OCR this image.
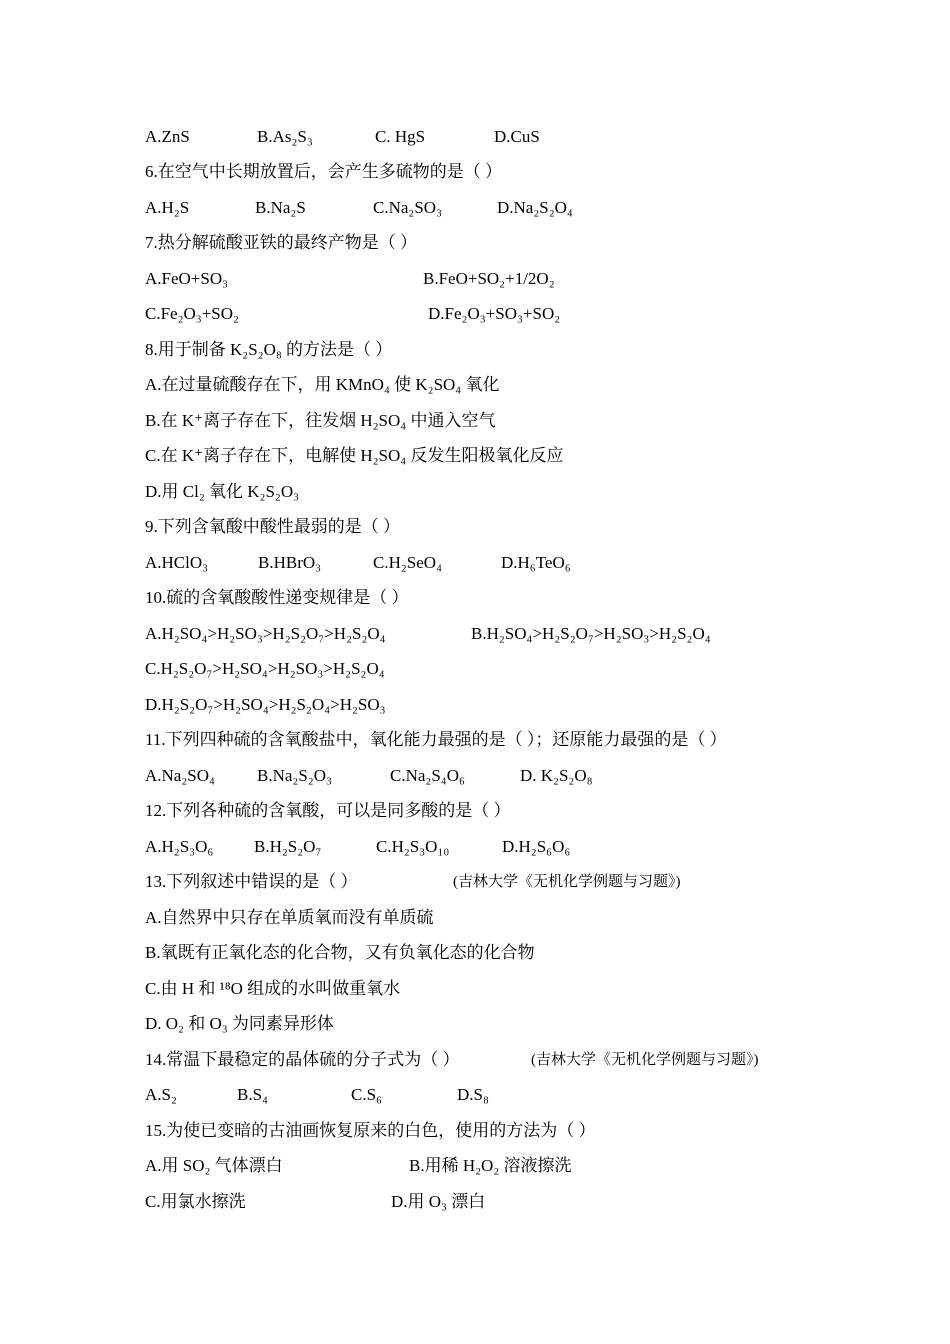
A.ZnS	B.As₂S₃	C. HgS	D.CuS
6.在空气中长期放置后，会产生多硫物的是（ ）
A.H₂S	B.Na₂S	C.Na₂SO₃	D.Na₂S₂O₄
7.热分解硫酸亚铁的最终产物是（ ）
A.FeO+SO₃	B.FeO+SO₂+1/2O₂
C.Fe₂O₃+SO₂	D.Fe₂O₃+SO₃+SO₂
8.用于制备 K₂S₂O₈ 的方法是（ ）
A.在过量硫酸存在下，用 KMnO₄ 使 K₂SO₄ 氧化
B.在 K⁺离子存在下，往发烟 H₂SO₄ 中通入空气
C.在 K⁺离子存在下，电解使 H₂SO₄ 反发生阳极氧化反应
D.用 Cl₂ 氧化 K₂S₂O₃
9.下列含氧酸中酸性最弱的是（ ）
A.HClO₃	B.HBrO₃	C.H₂SeO₄	D.H₆TeO₆
10.硫的含氧酸酸性递变规律是（ ）
A.H₂SO₄>H₂SO₃>H₂S₂O₇>H₂S₂O₄	B.H₂SO₄>H₂S₂O₇>H₂SO₃>H₂S₂O₄
C.H₂S₂O₇>H₂SO₄>H₂SO₃>H₂S₂O₄
D.H₂S₂O₇>H₂SO₄>H₂S₂O₄>H₂SO₃
11.下列四种硫的含氧酸盐中，氧化能力最强的是（ ）；还原能力最强的是（ ）
A.Na₂SO₄ B.Na₂S₂O₃	C.Na₂S₄O₆	D. K₂S₂O₈
12.下列各种硫的含氧酸，可以是同多酸的是（ ）
A.H₂S₃O₆ B.H₂S₂O₇	C.H₂S₃O₁₀	D.H₂S₆O₆
13.下列叙述中错误的是（ ）	(吉林大学《无机化学例题与习题》)
A.自然界中只存在单质氧而没有单质硫
B.氧既有正氧化态的化合物，又有负氧化态的化合物
C.由 H 和 ¹⁸O 组成的水叫做重氧水
D. O₂ 和 O₃ 为同素异形体
14.常温下最稳定的晶体硫的分子式为（ ）	(吉林大学《无机化学例题与习题》)
A.S₂	B.S₄	C.S₆	D.S₈
15.为使已变暗的古油画恢复原来的白色，使用的方法为（ ）
A.用 SO₂ 气体漂白	B.用稀 H₂O₂ 溶液擦洗
C.用氯水擦洗	D.用 O₃ 漂白
